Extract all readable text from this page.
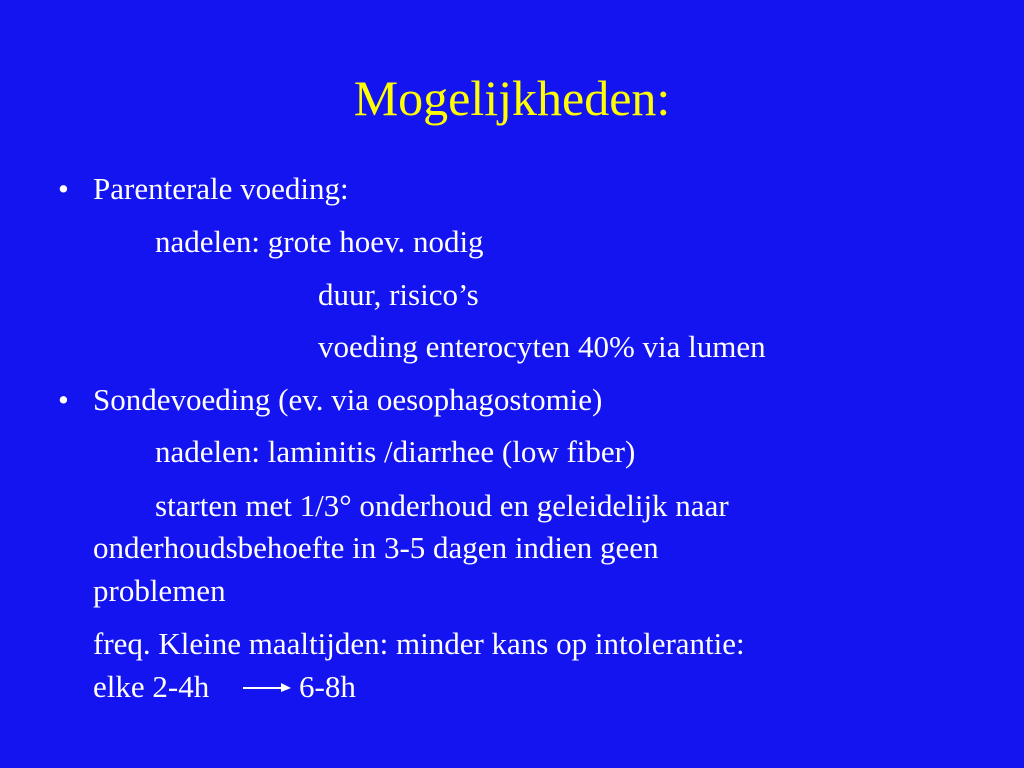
Mogelijkheden:
• Parenterale voeding:
nadelen: grote hoev. nodig
duur, risico’s
voeding enterocyten 40% via lumen
• Sondevoeding (ev. via oesophagostomie)
nadelen: laminitis /diarrhee (low fiber)
starten met 1/3° onderhoud en geleidelijk naar
onderhoudsbehoefte in 3-5 dagen indien geen
problemen
freq. Kleine maaltijden: minder kans op intolerantie:
elke 2-4h	6-8h
